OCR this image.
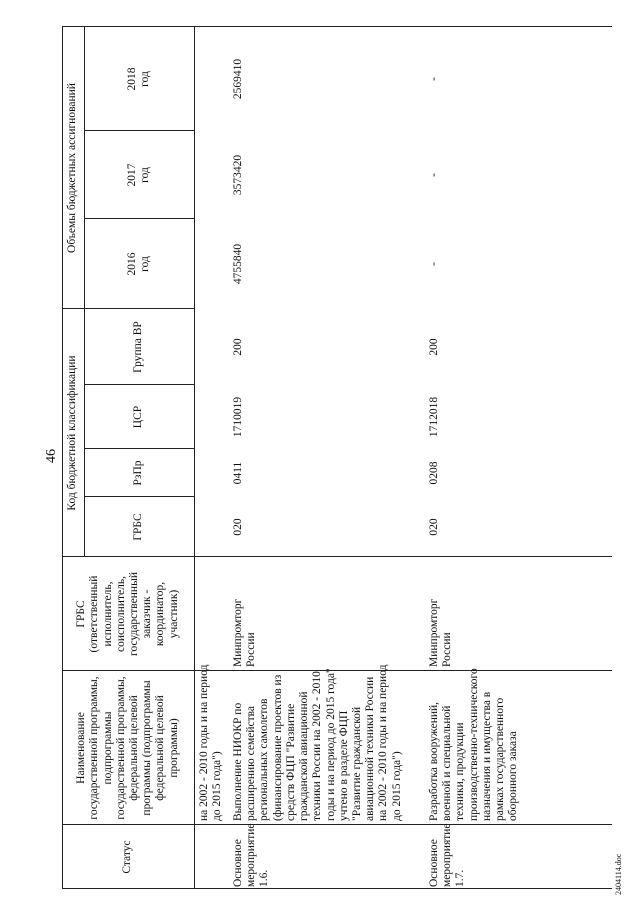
46
Статус
Наименование
государственной программы,
подпрограммы
государственной программы,
федеральной целевой
программы (подпрограммы
федеральной целевой
программы)
ГРБС
(ответственный
исполнитель,
соисполнитель,
государственный
заказчик -
координатор,
участник)
Код бюджетной классификации
Объемы бюджетных ассигнований
ГРБС
РзПр
ЦСР
Группа ВР
2016
год
2017
год
2018
год
на 2002 - 2010 годы и на период
до 2015 года")
Основное
мероприятие 1.6.
Выполнение НИОКР по
расширению семейства
региональных самолетов
(финансирование проектов из
средств ФЦП "Развитие
гражданской авиационной
техники России на 2002 - 2010
годы и на период до 2015 года"
учтено в разделе ФЦП
"Развитие гражданской
авиационной техники России
на 2002 - 2010 годы и на период
до 2015 года")
Минпромторг
России
020
0411
1710019
200
4755840
3573420
2569410
Основное
мероприятие 1.7.
Разработка вооружений,
военной и специальной
техники, продукции
производственно-технического
назначения и имущества в
рамках государственного
оборонного заказа
Минпромторг
России
020
0208
1712018
200
-
-
-
2404114.doc
